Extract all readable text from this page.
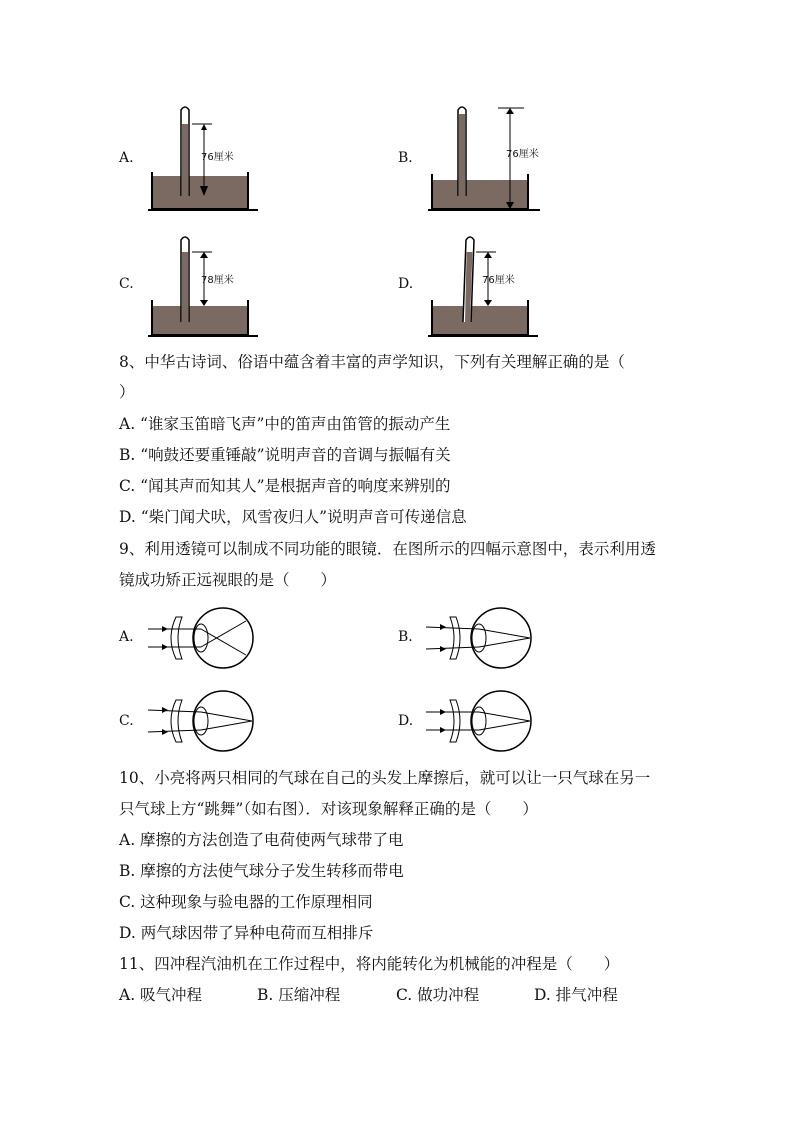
A.	76厘米	B.	76厘米
C.	78厘米	D.	76厘米
8、中华古诗词、俗语中蕴含着丰富的声学知识，下列有关理解正确的是（
）
A. “谁家玉笛暗飞声”中的笛声由笛管的振动产生
B. “响鼓还要重锤敲”说明声音的音调与振幅有关
C. “闻其声而知其人”是根据声音的响度来辨别的
D. “柴门闻犬吠，风雪夜归人”说明声音可传递信息
9、利用透镜可以制成不同功能的眼镜．在图所示的四幅示意图中，表示利用透
镜成功矫正远视眼的是（　　）
A.	B.
C.	D.
10、小亮将两只相同的气球在自己的头发上摩擦后，就可以让一只气球在另一
只气球上方“跳舞”（如右图）．对该现象解释正确的是（　　）
A. 摩擦的方法创造了电荷使两气球带了电
B. 摩擦的方法使气球分子发生转移而带电
C. 这种现象与验电器的工作原理相同
D. 两气球因带了异种电荷而互相排斥
11、四冲程汽油机在工作过程中，将内能转化为机械能的冲程是（　　）
A. 吸气冲程	B. 压缩冲程	C. 做功冲程	D. 排气冲程
